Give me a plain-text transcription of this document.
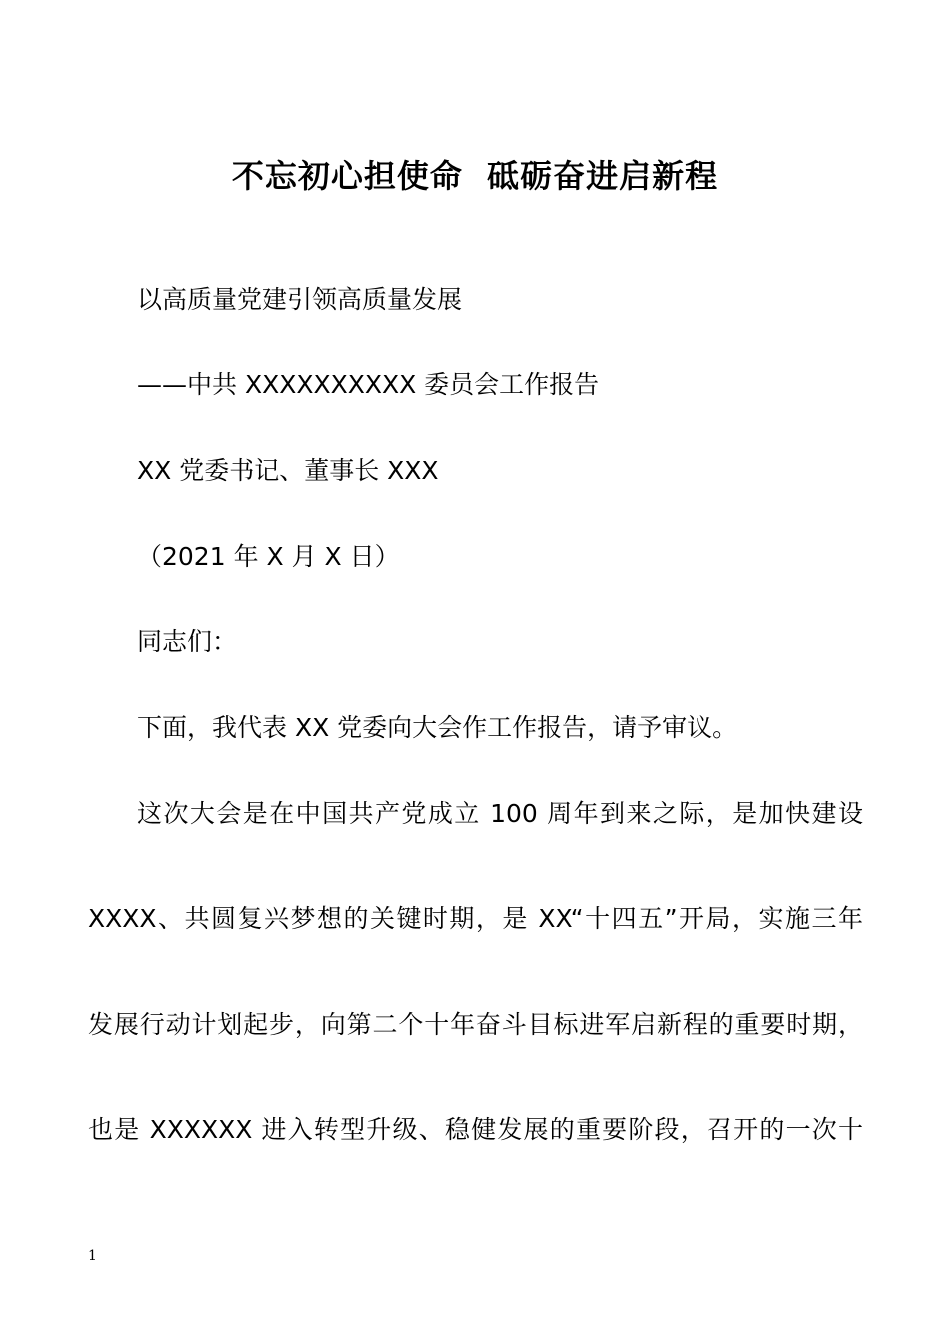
不忘初心担使命  砥砺奋进启新程
以高质量党建引领高质量发展
——中共 XXXXXXXXXX 委员会工作报告
XX 党委书记、董事长 XXX
（2021 年 X 月 X 日）
同志们：
下面，我代表 XX 党委向大会作工作报告，请予审议。
这次大会是在中国共产党成立 100 周年到来之际，是加快建设
XXXX、共圆复兴梦想的关键时期，是 XX“十四五”开局，实施三年
发展行动计划起步，向第二个十年奋斗目标进军启新程的重要时期，
也是 XXXXXX 进入转型升级、稳健发展的重要阶段，召开的一次十
1
